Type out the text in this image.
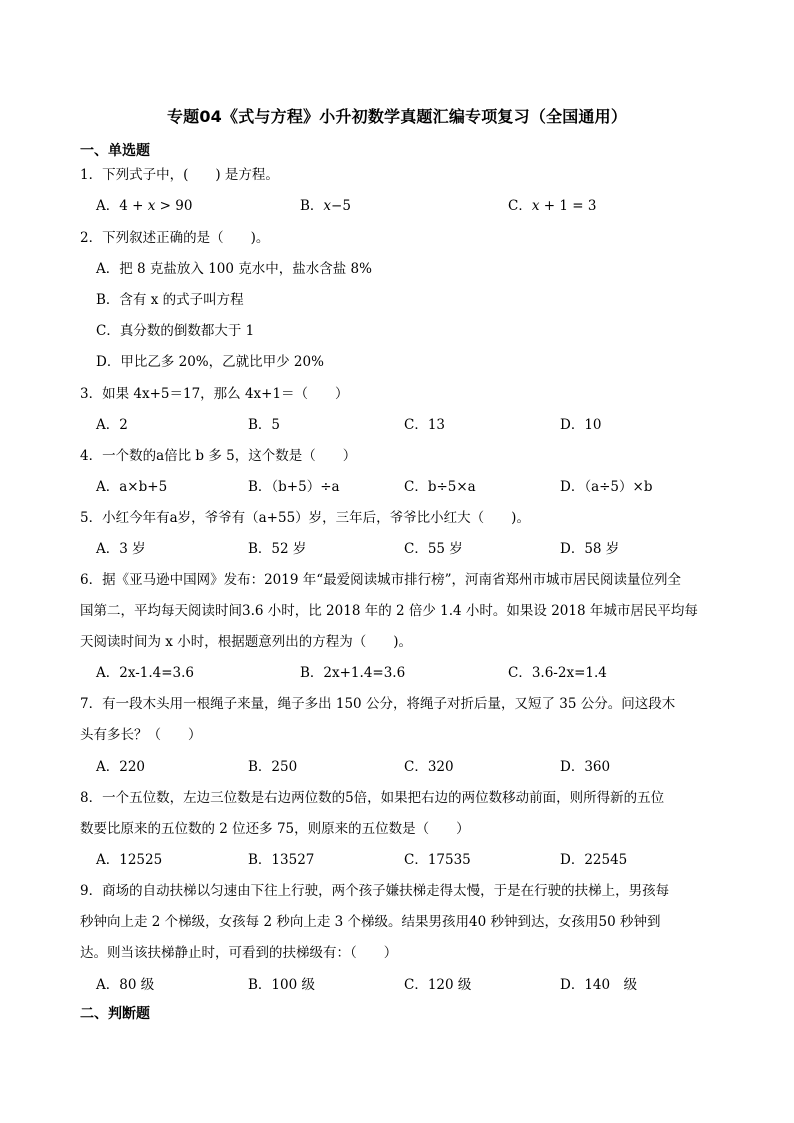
专题04《式与方程》小升初数学真题汇编专项复习（全国通用）
一、单选题
1．下列式子中，(　　) 是方程。
A．4 + 𝑥 > 90	B．𝑥−5	C．𝑥 + 1 = 3
2．下列叙述正确的是（　　)。
A．把 8 克盐放入 100 克水中，盐水含盐 8%
B．含有 x 的式子叫方程
C．真分数的倒数都大于 1
D．甲比乙多 20%，乙就比甲少 20%
3．如果 4x+5＝17，那么 4x+1＝（　　）
A．2	B．5	C．13	D．10
4．一个数的a倍比 b 多 5，这个数是（　　）
A．a×b+5	B．（b+5）÷a	C．b÷5×a	D．（a÷5）×b
5．小红今年有a岁，爷爷有（a+55）岁，三年后，爷爷比小红大（　　)。
A．3 岁	B．52 岁	C．55 岁	D．58 岁
6．据《亚马逊中国网》发布：2019 年“最爱阅读城市排行榜”，河南省郑州市城市居民阅读量位列全
国第二，平均每天阅读时间3.6 小时，比 2018 年的 2 倍少 1.4 小时。如果设 2018 年城市居民平均每
天阅读时间为 x 小时，根据题意列出的方程为（　　)。
A．2x-1.4=3.6	B．2x+1.4=3.6	C．3.6-2x=1.4
7．有一段木头用一根绳子来量，绳子多出 150 公分，将绳子对折后量，又短了 35 公分。问这段木
头有多长？（　　）
A．220	B．250	C．320	D．360
8．一个五位数，左边三位数是右边两位数的5倍，如果把右边的两位数移动前面，则所得新的五位
数要比原来的五位数的 2 位还多 75，则原来的五位数是（　　）
A．12525	B．13527	C．17535	D．22545
9．商场的自动扶梯以匀速由下往上行驶，两个孩子嫌扶梯走得太慢，于是在行驶的扶梯上，男孩每
秒钟向上走 2 个梯级，女孩每 2 秒向上走 3 个梯级。结果男孩用40 秒钟到达，女孩用50 秒钟到
达。则当该扶梯静止时，可看到的扶梯级有：（　　）
A．80 级	B．100 级	C．120 级	D．140　级
二、判断题
